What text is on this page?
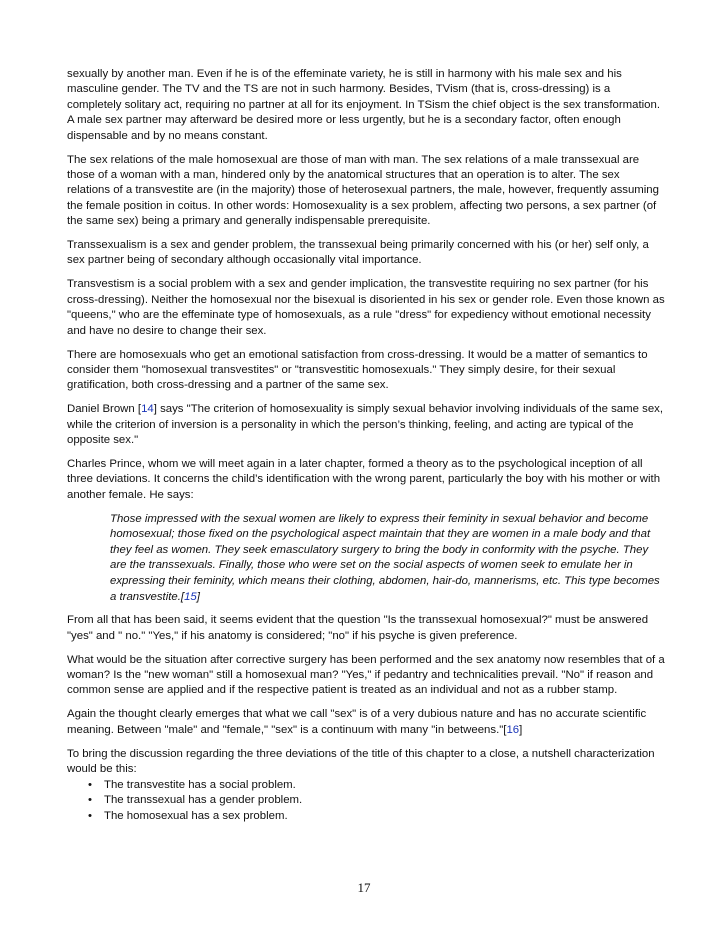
sexually by another man. Even if he is of the effeminate variety, he is still in harmony with his male sex and his masculine gender. The TV and the TS are not in such harmony. Besides, TVism (that is, cross-dressing) is a completely solitary act, requiring no partner at all for its enjoyment. In TSism the chief object is the sex transformation. A male sex partner may afterward be desired more or less urgently, but he is a secondary factor, often enough dispensable and by no means constant.

The sex relations of the male homosexual are those of man with man. The sex relations of a male transsexual are those of a woman with a man, hindered only by the anatomical structures that an operation is to alter. The sex relations of a transvestite are (in the majority) those of heterosexual partners, the male, however, frequently assuming the female position in coitus. In other words: Homosexuality is a sex problem, affecting two persons, a sex partner (of the same sex) being a primary and generally indispensable prerequisite.

Transsexualism is a sex and gender problem, the transsexual being primarily concerned with his (or her) self only, a sex partner being of secondary although occasionally vital importance.

Transvestism is a social problem with a sex and gender implication, the transvestite requiring no sex partner (for his cross-dressing). Neither the homosexual nor the bisexual is disoriented in his sex or gender role. Even those known as "queens," who are the effeminate type of homosexuals, as a rule "dress" for expediency without emotional necessity and have no desire to change their sex.

There are homosexuals who get an emotional satisfaction from cross-dressing. It would be a matter of semantics to consider them "homosexual transvestites" or "transvestitic homosexuals." They simply desire, for their sexual gratification, both cross-dressing and a partner of the same sex.

Daniel Brown [14] says "The criterion of homosexuality is simply sexual behavior involving individuals of the same sex, while the criterion of inversion is a personality in which the person’s thinking, feeling, and acting are typical of the opposite sex."

Charles Prince, whom we will meet again in a later chapter, formed a theory as to the psychological inception of all three deviations. It concerns the child’s identification with the wrong parent, particularly the boy with his mother or with another female. He says:

Those impressed with the sexual women are likely to express their feminity in sexual behavior and become homosexual; those fixed on the psychological aspect maintain that they are women in a male body and that they feel as women. They seek emasculatory surgery to bring the body in conformity with the psyche. They are the transsexuals. Finally, those who were set on the social aspects of women seek to emulate her in expressing their feminity, which means their clothing, abdomen, hair-do, mannerisms, etc. This type becomes a transvestite.[15]

From all that has been said, it seems evident that the question "Is the transsexual homosexual?" must be answered "yes" and " no." "Yes," if his anatomy is considered; "no" if his psyche is given preference.

What would be the situation after corrective surgery has been performed and the sex anatomy now resembles that of a woman? Is the "new woman" still a homosexual man? "Yes," if pedantry and technicalities prevail. "No" if reason and common sense are applied and if the respective patient is treated as an individual and not as a rubber stamp.

Again the thought clearly emerges that what we call "sex" is of a very dubious nature and has no accurate scientific meaning. Between "male" and "female," "sex" is a continuum with many "in betweens."[16]

To bring the discussion regarding the three deviations of the title of this chapter to a close, a nutshell characterization would be this:

• The transvestite has a social problem.
• The transsexual has a gender problem.
• The homosexual has a sex problem.
17
